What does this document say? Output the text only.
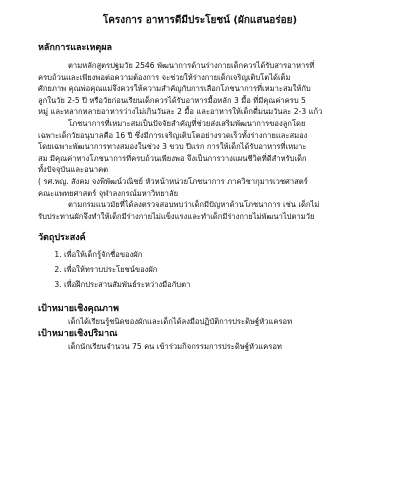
โครงการ อาหารดีมีประโยชน์ (ผักแสนอร่อย)
หลักการและเหตุผล

ตามหลักสูตรปฐมวัย 2546 พัฒนาการด้านร่างกายเด็กควรได้รับสารอาหารที่

ครบถ้วนและเพียงพอต่อความต้องการ จะช่วยให้ร่างกายเด็กเจริญเติบโตได้เต็ม

ศักยภาพ คุณพ่อคุณแม่จึงควรให้ความสำคัญกับการเลือกโภชนาการที่เหมาะสมให้กับ

ลูกในวัย 2-5 ปี หรือวัยก่อนเรียนเด็กควรได้รับอาหารมื้อหลัก 3 มื้อ ที่มีคุณค่าครบ 5

หมู่ และหลากหลายอาหารว่างไม่เกินวันละ 2 มื้อ และอาหารให้เด็กดื่มนมวันละ 2-3 แก้ว

โภชนาการที่เหมาะสมเป็นปัจจัยสำคัญที่ช่วยส่งเสริมพัฒนาการของลูกโดย

เฉพาะเด็กวัยอนุบาลคือ 16 ปี ซึ่งมีการเจริญเติบโตอย่างรวดเร็วทั้งร่างกายและสมอง

โดยเฉพาะพัฒนาการทางสมองในช่วง 3 ขวบ ปีแรก การให้เด็กได้รับอาหารที่เหมาะ

สม มีคุณค่าทางโภชนาการที่ครบถ้วนเพียงพอ จึงเป็นการวางแผนชีวิตที่ดีสำหรับเด็ก

ทั้งปัจจุบันและอนาคต

( รศ.พญ. สังคม จงพิพัฒน์วณิชย์ หัวหน้าหน่วยโภชนาการ ภาควิชากุมารเวชศาสตร์

คณะแพทยศาสตร์ จุฬาลงกรณ์มหาวิทยาลัย

ตามกรมแนวมัยที่ได้ลงตรวจสอบพบว่าเด็กมีปัญหาด้านโภชนาการ เช่น เด็กไม่

รับประทานผักจึงทำให้เด็กมีร่างกายไม่แข็งแรงและทำเด็กมีร่างกายไม่พัฒนาไปตามวัย

วัตถุประสงค์
1. เพื่อให้เด็กรู้จักชื่อของผัก
2. เพื่อให้ทราบประโยชน์ของผัก
3. เพื่อฝึกประสานสัมพันธ์ระหว่างมือกับตา
เป้าหมายเชิงคุณภาพ

เด็กได้เรียนรู้ชนิดของผักและเด็กได้ลงมือปฏิบัติการประดิษฐ์หัวแครอท

เป้าหมายเชิงปริมาณ

เด็กนักเรียนจำนวน 75 คน เข้าร่วมกิจกรรมการประดิษฐ์หัวแครอท
